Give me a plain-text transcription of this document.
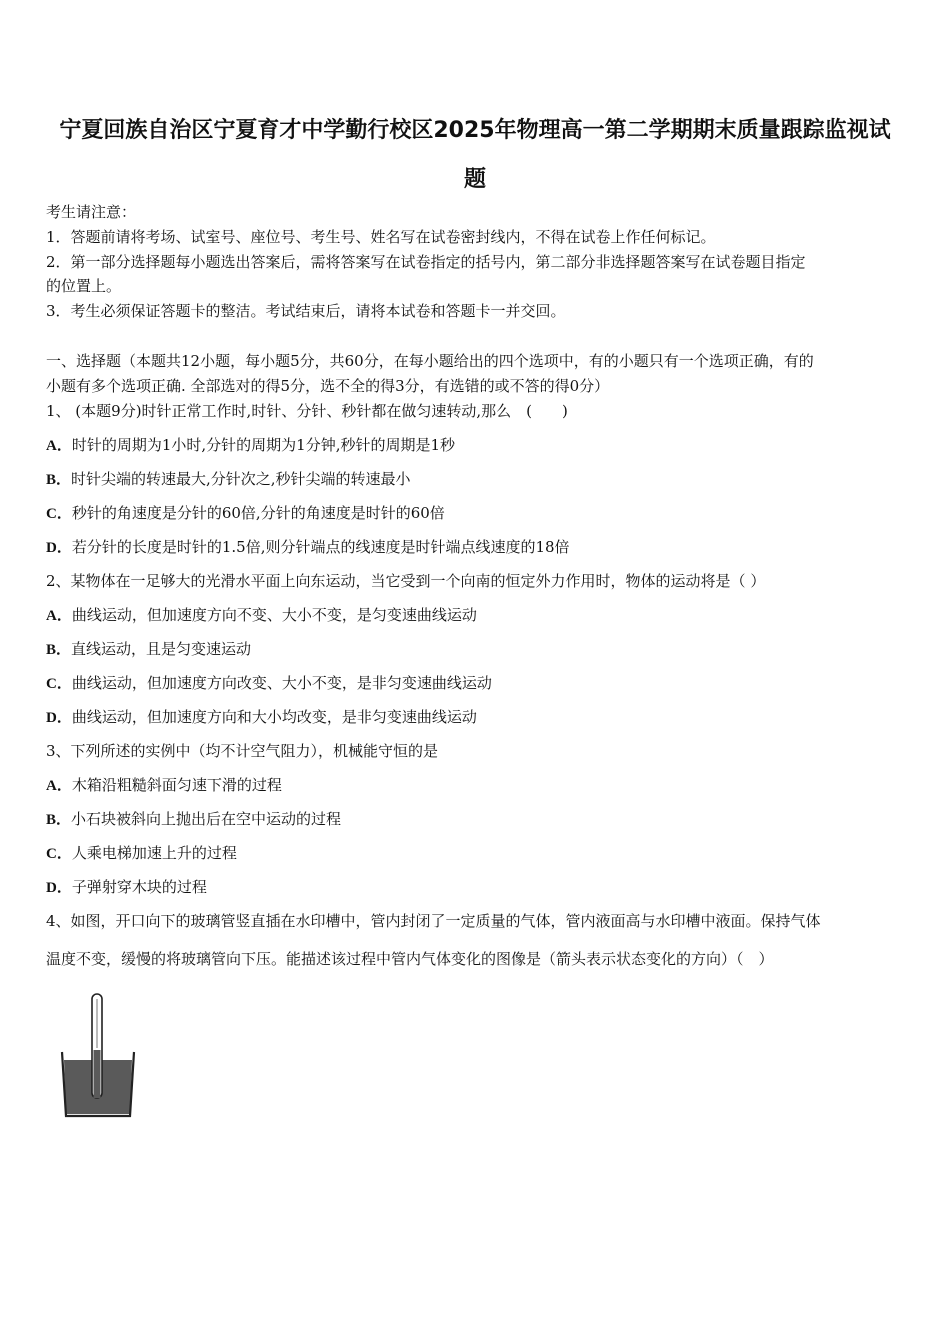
宁夏回族自治区宁夏育才中学勤行校区2025年物理高一第二学期期末质量跟踪监视试
题
考生请注意：
1．答题前请将考场、试室号、座位号、考生号、姓名写在试卷密封线内，不得在试卷上作任何标记。
2．第一部分选择题每小题选出答案后，需将答案写在试卷指定的括号内，第二部分非选择题答案写在试卷题目指定
的位置上。
3．考生必须保证答题卡的整洁。考试结束后，请将本试卷和答题卡一并交回。
一、选择题（本题共12小题，每小题5分，共60分，在每小题给出的四个选项中，有的小题只有一个选项正确，有的
小题有多个选项正确. 全部选对的得5分，选不全的得3分，有选错的或不答的得0分）
1、 (本题9分)时针正常工作时,时针、分针、秒针都在做匀速转动,那么　(　　)
A．时针的周期为1小时,分针的周期为1分钟,秒针的周期是1秒
B．时针尖端的转速最大,分针次之,秒针尖端的转速最小
C．秒针的角速度是分针的60倍,分针的角速度是时针的60倍
D．若分针的长度是时针的1.5倍,则分针端点的线速度是时针端点线速度的18倍
2、某物体在一足够大的光滑水平面上向东运动，当它受到一个向南的恒定外力作用时，物体的运动将是（ ）
A．曲线运动，但加速度方向不变、大小不变，是匀变速曲线运动
B．直线运动，且是匀变速运动
C．曲线运动，但加速度方向改变、大小不变，是非匀变速曲线运动
D．曲线运动，但加速度方向和大小均改变，是非匀变速曲线运动
3、下列所述的实例中（均不计空气阻力），机械能守恒的是
A．木箱沿粗糙斜面匀速下滑的过程
B．小石块被斜向上抛出后在空中运动的过程
C．人乘电梯加速上升的过程
D．子弹射穿木块的过程
4、如图，开口向下的玻璃管竖直插在水印槽中，管内封闭了一定质量的气体，管内液面高与水印槽中液面。保持气体
温度不变，缓慢的将玻璃管向下压。能描述该过程中管内气体变化的图像是（箭头表示状态变化的方向）（　）
